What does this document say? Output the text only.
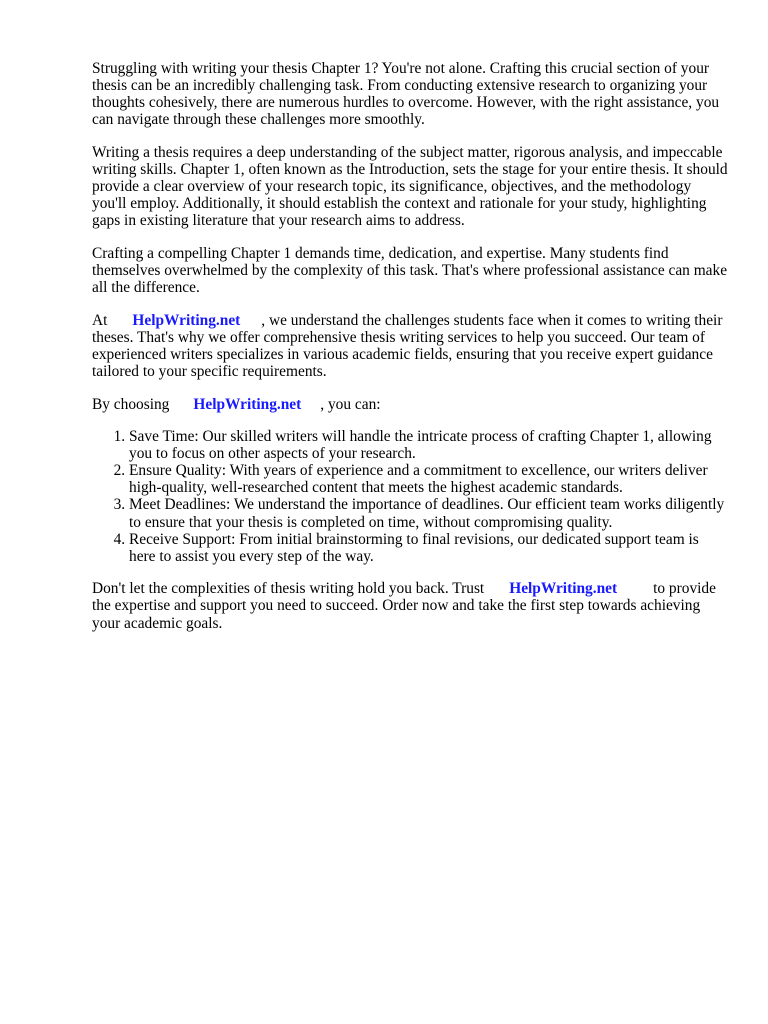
Struggling with writing your thesis Chapter 1? You're not alone. Crafting this crucial section of your thesis can be an incredibly challenging task. From conducting extensive research to organizing your thoughts cohesively, there are numerous hurdles to overcome. However, with the right assistance, you can navigate through these challenges more smoothly.

Writing a thesis requires a deep understanding of the subject matter, rigorous analysis, and impeccable writing skills. Chapter 1, often known as the Introduction, sets the stage for your entire thesis. It should provide a clear overview of your research topic, its significance, objectives, and the methodology you'll employ. Additionally, it should establish the context and rationale for your study, highlighting gaps in existing literature that your research aims to address.

Crafting a compelling Chapter 1 demands time, dedication, and expertise. Many students find themselves overwhelmed by the complexity of this task. That's where professional assistance can make all the difference.

At HelpWriting.net , we understand the challenges students face when it comes to writing their theses. That's why we offer comprehensive thesis writing services to help you succeed. Our team of experienced writers specializes in various academic fields, ensuring that you receive expert guidance tailored to your specific requirements.

By choosing HelpWriting.net , you can:

1. Save Time: Our skilled writers will handle the intricate process of crafting Chapter 1, allowing you to focus on other aspects of your research.
2. Ensure Quality: With years of experience and a commitment to excellence, our writers deliver high-quality, well-researched content that meets the highest academic standards.
3. Meet Deadlines: We understand the importance of deadlines. Our efficient team works diligently to ensure that your thesis is completed on time, without compromising quality.
4. Receive Support: From initial brainstorming to final revisions, our dedicated support team is here to assist you every step of the way.

Don't let the complexities of thesis writing hold you back. Trust HelpWriting.net to provide the expertise and support you need to succeed. Order now and take the first step towards achieving your academic goals.
